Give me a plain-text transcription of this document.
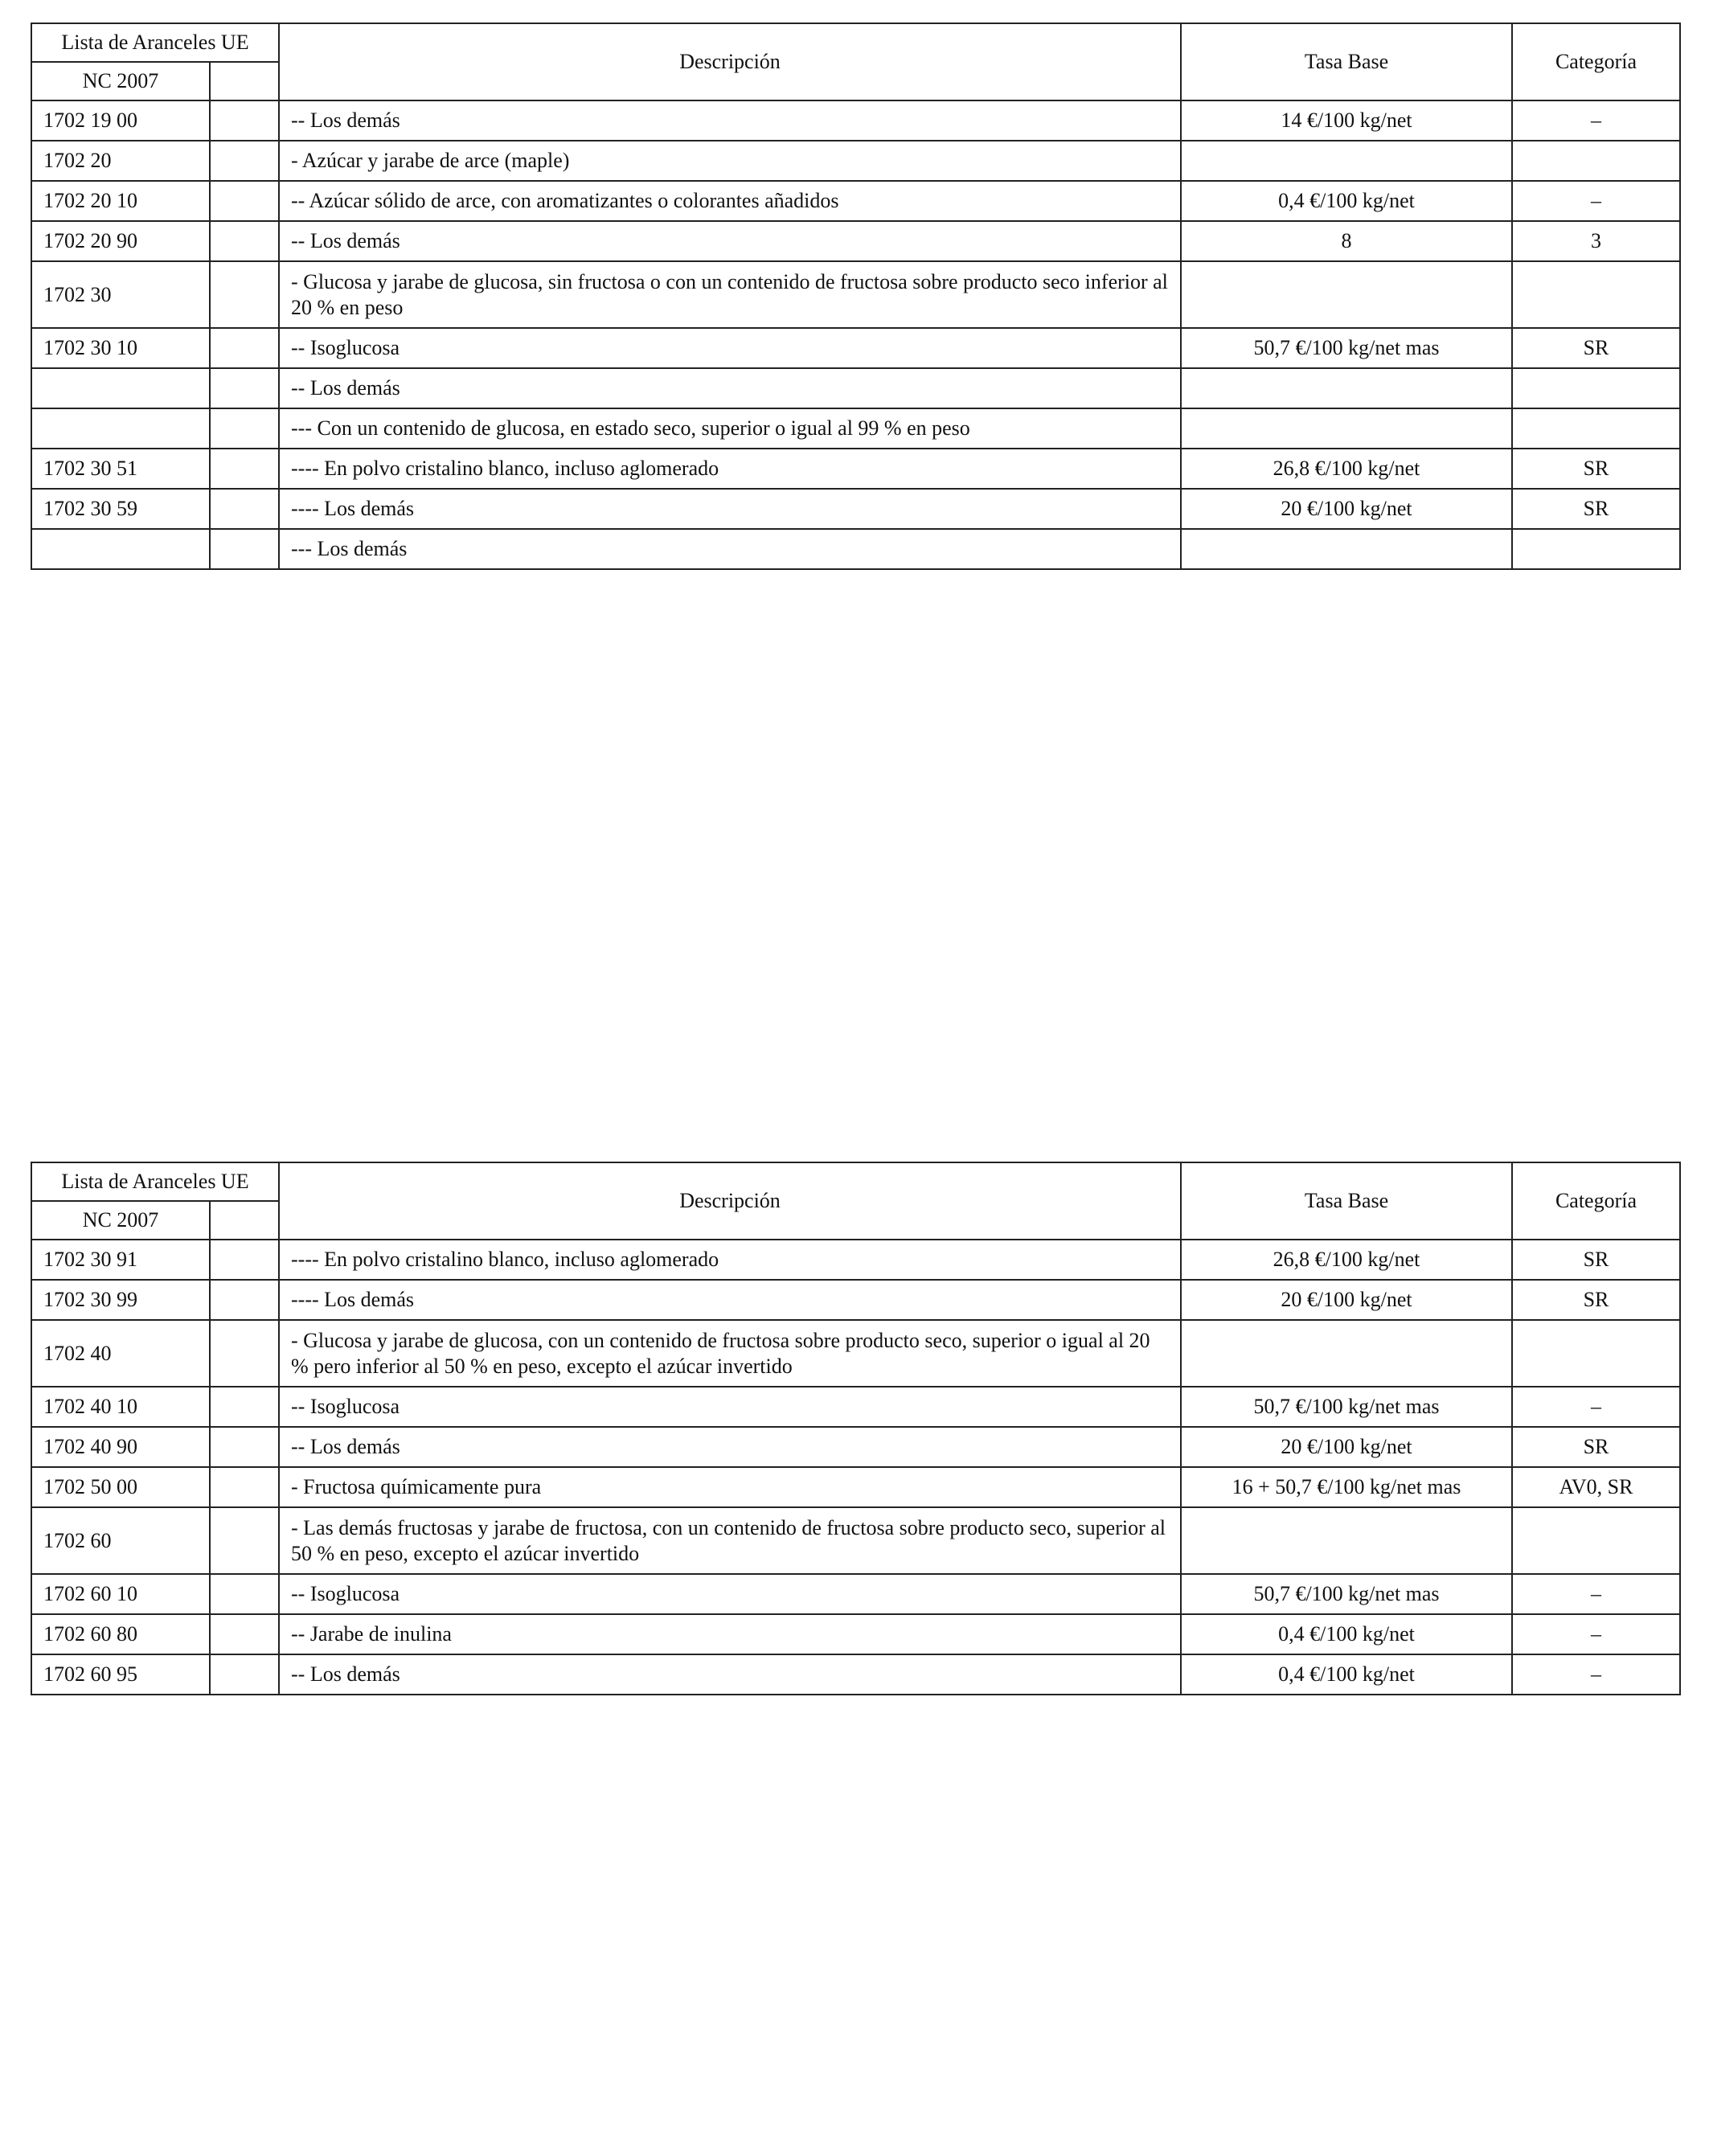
Lista de Aranceles UE		Descripción	Tasa Base	Categoría
NC 2007				
1702 19 00		-- Los demás	14 €/100 kg/net	–
1702 20		- Azúcar y jarabe de arce (maple)		
1702 20 10		-- Azúcar sólido de arce, con aromatizantes o colorantes añadidos	0,4 €/100 kg/net	–
1702 20 90		-- Los demás	8	3
1702 30		- Glucosa y jarabe de glucosa, sin fructosa o con un contenido de fructosa sobre producto seco inferior al 20 % en peso		
1702 30 10		-- Isoglucosa	50,7 €/100 kg/net mas	SR
		-- Los demás		
		--- Con un contenido de glucosa, en estado seco, superior o igual al 99 % en peso		
1702 30 51		---- En polvo cristalino blanco, incluso aglomerado	26,8 €/100 kg/net	SR
1702 30 59		---- Los demás	20 €/100 kg/net	SR
		--- Los demás		
Lista de Aranceles UE		Descripción	Tasa Base	Categoría
NC 2007				
1702 30 91		---- En polvo cristalino blanco, incluso aglomerado	26,8 €/100 kg/net	SR
1702 30 99		---- Los demás	20 €/100 kg/net	SR
1702 40		- Glucosa y jarabe de glucosa, con un contenido de fructosa sobre producto seco, superior o igual al 20 % pero inferior al 50 % en peso, excepto el azúcar invertido		
1702 40 10		-- Isoglucosa	50,7 €/100 kg/net mas	–
1702 40 90		-- Los demás	20 €/100 kg/net	SR
1702 50 00		- Fructosa químicamente pura	16 + 50,7 €/100 kg/net mas	AV0, SR
1702 60		- Las demás fructosas y jarabe de fructosa, con un contenido de fructosa sobre producto seco, superior al 50 % en peso, excepto el azúcar invertido		
1702 60 10		-- Isoglucosa	50,7 €/100 kg/net mas	–
1702 60 80		-- Jarabe de inulina	0,4 €/100 kg/net	–
1702 60 95		-- Los demás	0,4 €/100 kg/net	–
